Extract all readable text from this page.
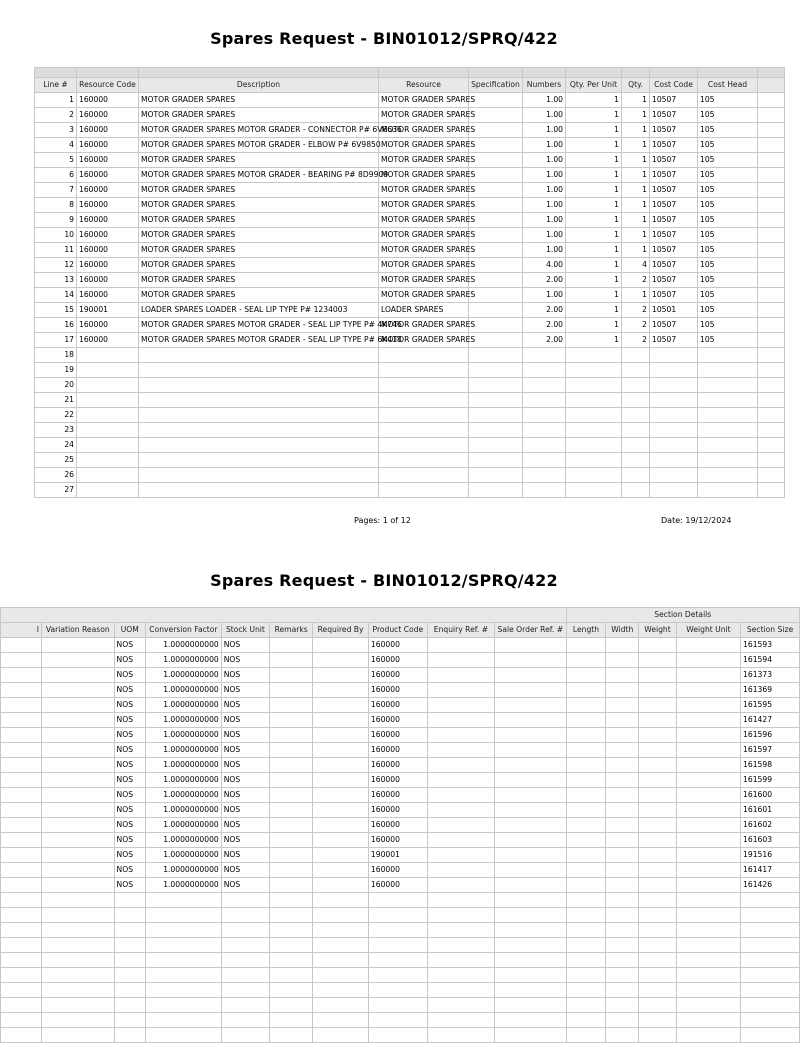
Spares Request - BIN01012/SPRQ/422

Line #	Resource Code	Description	Resource	Specification	Numbers	Qty. Per Unit	Qty.	Cost Code	Cost Head	
1	160000	MOTOR GRADER SPARES	MOTOR GRADER SPARES		1.00	1	1	10507	105	
2	160000	MOTOR GRADER SPARES	MOTOR GRADER SPARES		1.00	1	1	10507	105	
3	160000	MOTOR GRADER SPARES MOTOR GRADER - CONNECTOR P# 6V8636	MOTOR GRADER SPARES		1.00	1	1	10507	105	
4	160000	MOTOR GRADER SPARES MOTOR GRADER - ELBOW P# 6V9850	MOTOR GRADER SPARES		1.00	1	1	10507	105	
5	160000	MOTOR GRADER SPARES	MOTOR GRADER SPARES		1.00	1	1	10507	105	
6	160000	MOTOR GRADER SPARES MOTOR GRADER - BEARING P# 8D9909	MOTOR GRADER SPARES		1.00	1	1	10507	105	
7	160000	MOTOR GRADER SPARES	MOTOR GRADER SPARES		1.00	1	1	10507	105	
8	160000	MOTOR GRADER SPARES	MOTOR GRADER SPARES		1.00	1	1	10507	105	
9	160000	MOTOR GRADER SPARES	MOTOR GRADER SPARES		1.00	1	1	10507	105	
10	160000	MOTOR GRADER SPARES	MOTOR GRADER SPARES		1.00	1	1	10507	105	
11	160000	MOTOR GRADER SPARES	MOTOR GRADER SPARES		1.00	1	1	10507	105	
12	160000	MOTOR GRADER SPARES	MOTOR GRADER SPARES		4.00	1	4	10507	105	
13	160000	MOTOR GRADER SPARES	MOTOR GRADER SPARES		2.00	1	2	10507	105	
14	160000	MOTOR GRADER SPARES	MOTOR GRADER SPARES		1.00	1	1	10507	105	
15	190001	LOADER SPARES LOADER - SEAL LIP TYPE P# 1234003	LOADER SPARES		2.00	1	2	10501	105	
16	160000	MOTOR GRADER SPARES MOTOR GRADER - SEAL LIP TYPE P# 4K746	MOTOR GRADER SPARES		2.00	1	2	10507	105	
17	160000	MOTOR GRADER SPARES MOTOR GRADER - SEAL LIP TYPE P# 6K418	MOTOR GRADER SPARES		2.00	1	2	10507	105	
18										
19										
20										
21										
22										
23										
24										
25										
26										
27										
Pages: 1 of 12	Date: 19/12/2024
Spares Request - BIN01012/SPRQ/422
										Section Details				
I	Variation Reason	UOM	Conversion Factor	Stock Unit	Remarks	Required By	Product Code	Enquiry Ref. #	Sale Order Ref. #	Length	Width	Weight	Weight Unit	Section Size
		NOS	1.0000000000	NOS			160000							161593
		NOS	1.0000000000	NOS			160000							161594
		NOS	1.0000000000	NOS			160000							161373
		NOS	1.0000000000	NOS			160000							161369
		NOS	1.0000000000	NOS			160000							161595
		NOS	1.0000000000	NOS			160000							161427
		NOS	1.0000000000	NOS			160000							161596
		NOS	1.0000000000	NOS			160000							161597
		NOS	1.0000000000	NOS			160000							161598
		NOS	1.0000000000	NOS			160000							161599
		NOS	1.0000000000	NOS			160000							161600
		NOS	1.0000000000	NOS			160000							161601
		NOS	1.0000000000	NOS			160000							161602
		NOS	1.0000000000	NOS			160000							161603
		NOS	1.0000000000	NOS			190001							191516
		NOS	1.0000000000	NOS			160000							161417
		NOS	1.0000000000	NOS			160000							161426
